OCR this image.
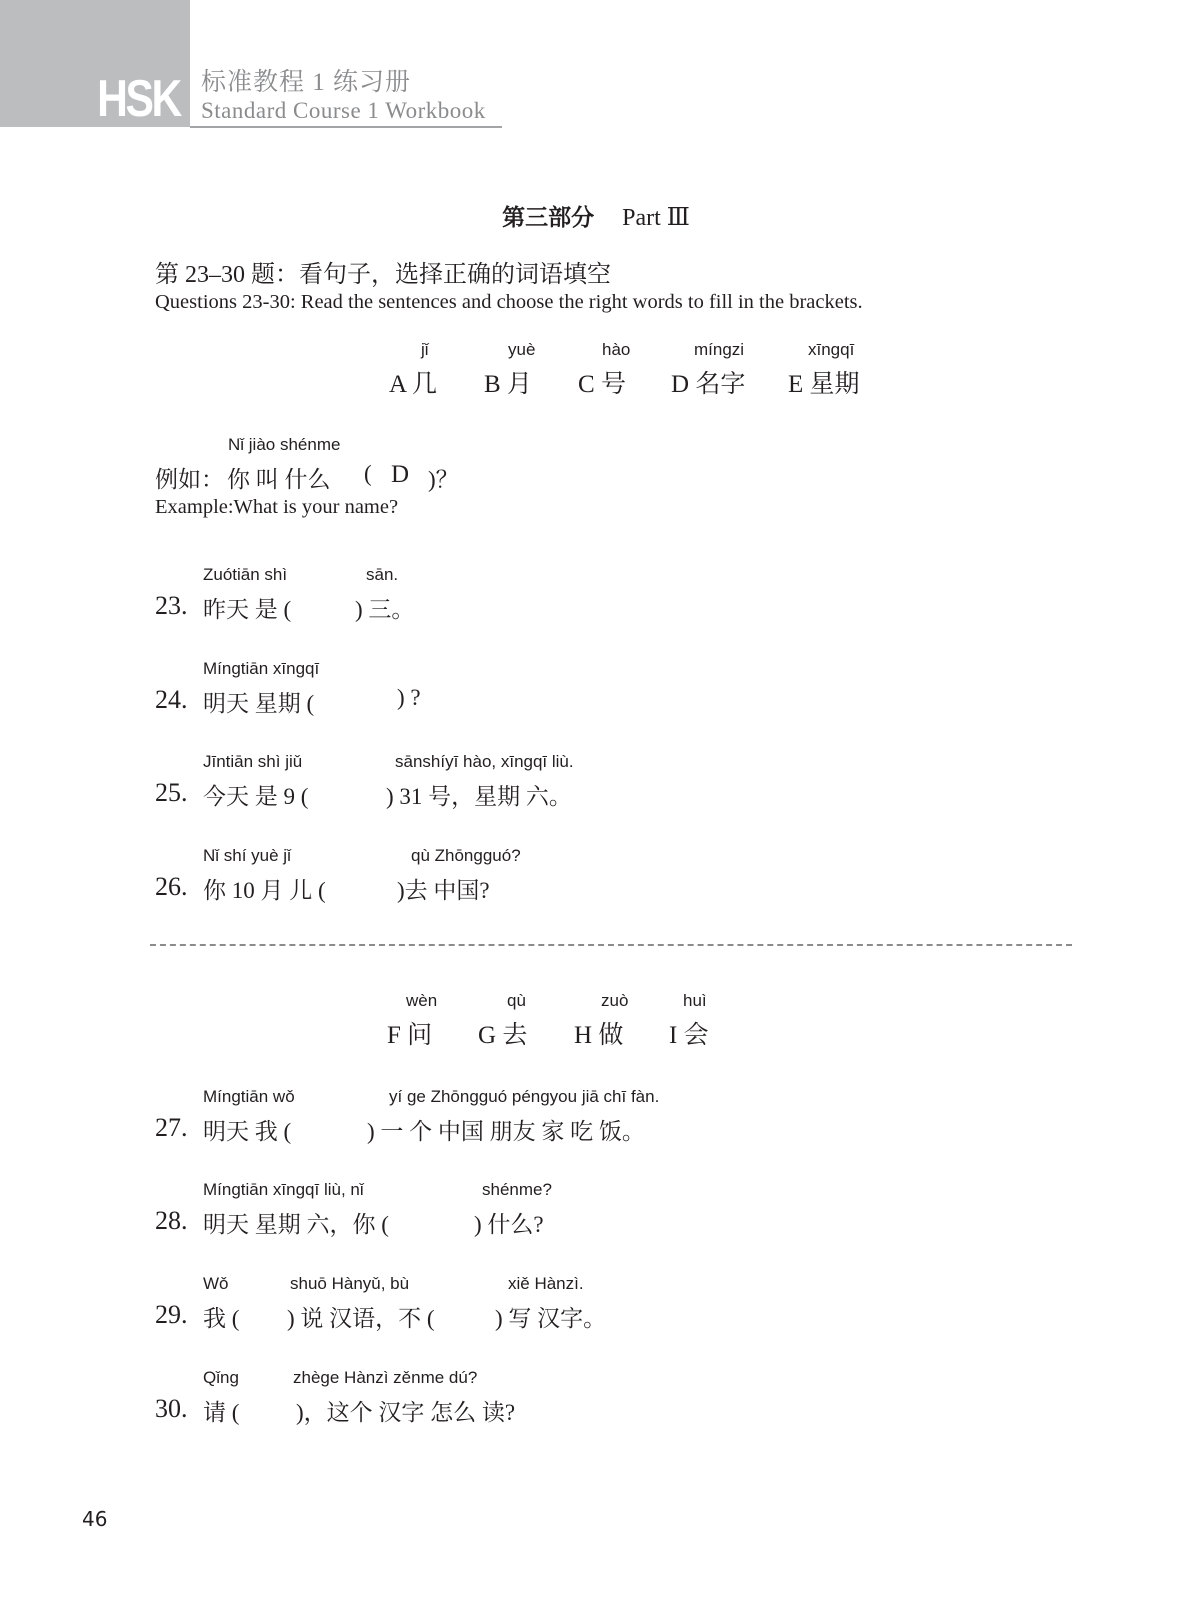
HSK 标准教程 1 练习册
Standard Course 1 Workbook
第三部分 Part Ⅲ
第 23–30 题：看句子，选择正确的词语填空
Questions 23-30: Read the sentences and choose the right words to fill in the brackets.
jǐ
A 几
yuè
B 月
hào
C 号
míngzi
D 名字
xīngqī
E 星期
Nǐ jiào shénme
例如： 你 叫 什么 ( D )？
Example:What is your name?
Zuótiān shì	sān.
23. 昨天 是 (	) 三。
Míngtiān xīngqī
24. 明天 星期 (	) ?
Jīntiān shì jiǔ	sānshíyī hào, xīngqī liù.
25. 今天 是 9 (	) 31 号，星期 六。
Nǐ shí yuè jǐ	qù Zhōngguó?
26. 你 10 月 儿 (	)去 中国?
wèn
F 问
qù
G 去
zuò
H 做
huì
I 会
Míngtiān wǒ	yí ge Zhōngguó péngyou jiā chī fàn.
27. 明天 我 (	) 一 个 中国 朋友 家 吃 饭。
Míngtiān xīngqī liù, nǐ	shénme?
28. 明天 星期 六，你 (	) 什么?
Wǒ	shuō Hànyǔ, bù	xiě Hànzì.
29. 我 ( ) 说 汉语，不 (	) 写 汉字。
Qǐng	zhège Hànzì zěnme dú?
30. 请 ( )，这个 汉字 怎么 读?
46
